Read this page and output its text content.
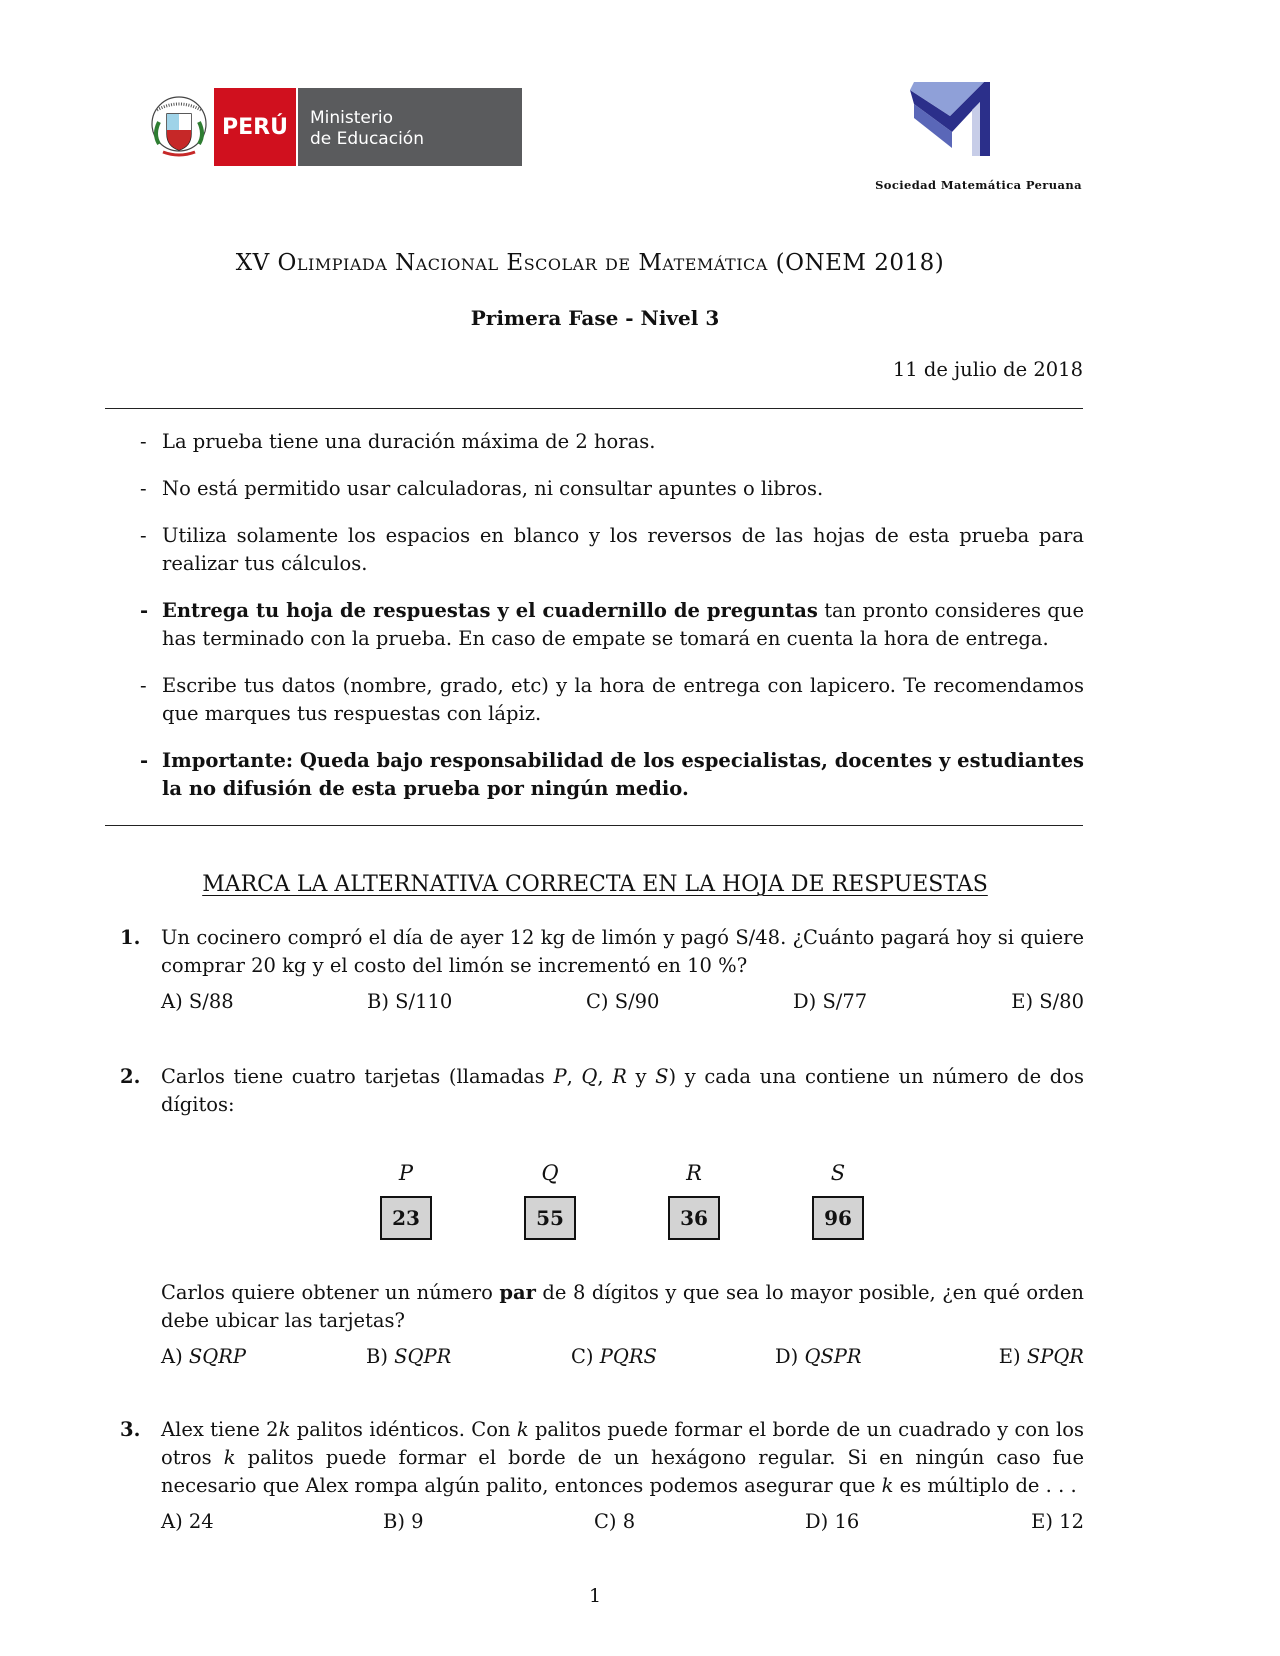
PERÚ	Ministerio
de Educación
Sociedad Matemática Peruana
XV Olimpiada Nacional Escolar de Matemática (ONEM 2018)
Primera Fase - Nivel 3
11 de julio de 2018
- La prueba tiene una duración máxima de 2 horas.
- No está permitido usar calculadoras, ni consultar apuntes o libros.
- Utiliza solamente los espacios en blanco y los reversos de las hojas de esta prueba para realizar tus cálculos.
- Entrega tu hoja de respuestas y el cuadernillo de preguntas tan pronto consideres que has terminado con la prueba. En caso de empate se tomará en cuenta la hora de entrega.
- Escribe tus datos (nombre, grado, etc) y la hora de entrega con lapicero. Te recomendamos que marques tus respuestas con lápiz.
- Importante: Queda bajo responsabilidad de los especialistas, docentes y estudiantes la no difusión de esta prueba por ningún medio.
MARCA LA ALTERNATIVA CORRECTA EN LA HOJA DE RESPUESTAS
1. Un cocinero compró el día de ayer 12 kg de limón y pagó S/48. ¿Cuánto pagará hoy si quiere comprar 20 kg y el costo del limón se incrementó en 10 %?
A) S/88	B) S/110	C) S/90	D) S/77	E) S/80
2. Carlos tiene cuatro tarjetas (llamadas P, Q, R y S) y cada una contiene un número de dos dígitos:
P
23
Q
55
R
36
S
96
Carlos quiere obtener un número par de 8 dígitos y que sea lo mayor posible, ¿en qué orden debe ubicar las tarjetas?
A) SQRP	B) SQPR	C) PQRS	D) QSPR	E) SPQR
3. Alex tiene 2k palitos idénticos. Con k palitos puede formar el borde de un cuadrado y con los otros k palitos puede formar el borde de un hexágono regular. Si en ningún caso fue necesario que Alex rompa algún palito, entonces podemos asegurar que k es múltiplo de . . .
A) 24	B) 9	C) 8	D) 16	E) 12
1
